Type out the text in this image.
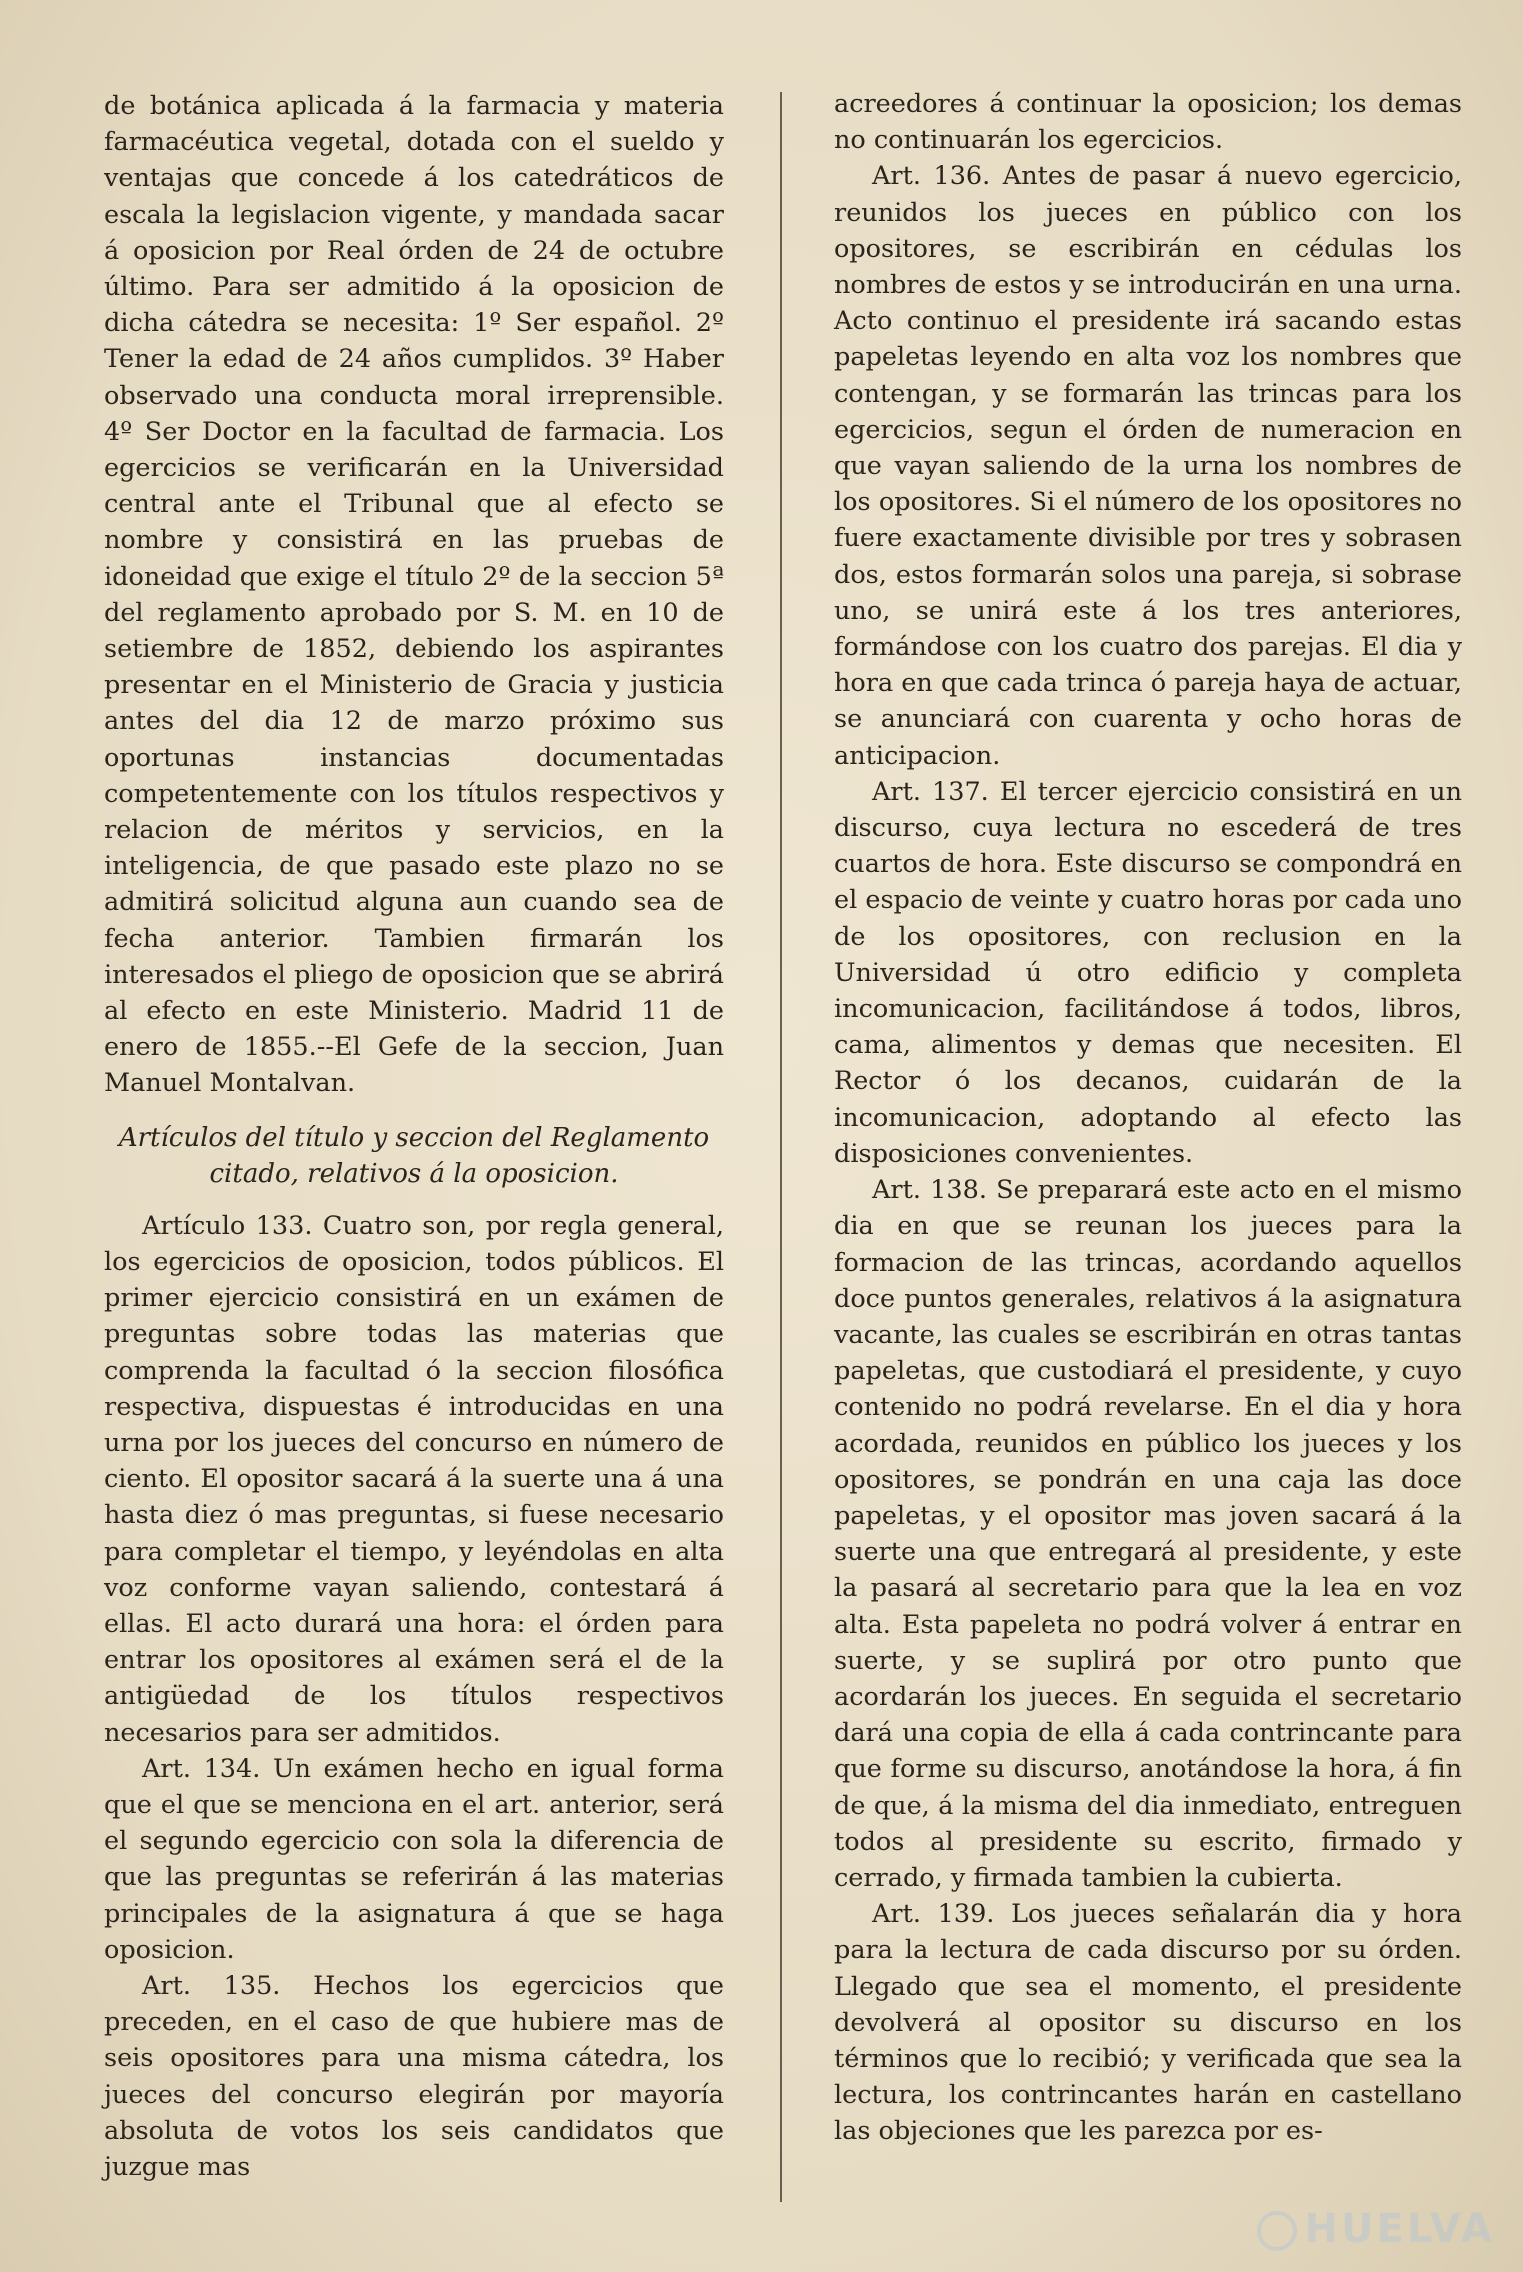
de botánica aplicada á la farmacia y materia farmacéutica vegetal, dotada con el sueldo y ventajas que concede á los catedráticos de escala la legislacion vigente, y mandada sacar á oposicion por Real órden de 24 de octubre último. Para ser admitido á la oposicion de dicha cátedra se necesita: 1º Ser español. 2º Tener la edad de 24 años cumplidos. 3º Haber observado una conducta moral irreprensible. 4º Ser Doctor en la facultad de farmacia. Los egercicios se verificarán en la Universidad central ante el Tribunal que al efecto se nombre y consistirá en las pruebas de idoneidad que exige el título 2º de la seccion 5ª del reglamento aprobado por S. M. en 10 de setiembre de 1852, debiendo los aspirantes presentar en el Ministerio de Gracia y justicia antes del dia 12 de marzo próximo sus oportunas instancias documentadas competentemente con los títulos respectivos y relacion de méritos y servicios, en la inteligencia, de que pasado este plazo no se admitirá solicitud alguna aun cuando sea de fecha anterior. Tambien firmarán los interesados el pliego de oposicion que se abrirá al efecto en este Ministerio. Madrid 11 de enero de 1855.--El Gefe de la seccion, Juan Manuel Montalvan.

Artículos del título y seccion del Reglamento
citado, relativos á la oposicion.

Artículo 133. Cuatro son, por regla general, los egercicios de oposicion, todos públicos. El primer ejercicio consistirá en un exámen de preguntas sobre todas las materias que comprenda la facultad ó la seccion filosófica respectiva, dispuestas é introducidas en una urna por los jueces del concurso en número de ciento. El opositor sacará á la suerte una á una hasta diez ó mas preguntas, si fuese necesario para completar el tiempo, y leyéndolas en alta voz conforme vayan saliendo, contestará á ellas. El acto durará una hora: el órden para entrar los opositores al exámen será el de la antigüedad de los títulos respectivos necesarios para ser admitidos.

Art. 134. Un exámen hecho en igual forma que el que se menciona en el art. anterior, será el segundo egercicio con sola la diferencia de que las preguntas se referirán á las materias principales de la asignatura á que se haga oposicion.

Art. 135. Hechos los egercicios que preceden, en el caso de que hubiere mas de seis opositores para una misma cátedra, los jueces del concurso elegirán por mayoría absoluta de votos los seis candidatos que juzgue mas

acreedores á continuar la oposicion; los demas no continuarán los egercicios.

Art. 136. Antes de pasar á nuevo egercicio, reunidos los jueces en público con los opositores, se escribirán en cédulas los nombres de estos y se introducirán en una urna. Acto continuo el presidente irá sacando estas papeletas leyendo en alta voz los nombres que contengan, y se formarán las trincas para los egercicios, segun el órden de numeracion en que vayan saliendo de la urna los nombres de los opositores. Si el número de los opositores no fuere exactamente divisible por tres y sobrasen dos, estos formarán solos una pareja, si sobrase uno, se unirá este á los tres anteriores, formándose con los cuatro dos parejas. El dia y hora en que cada trinca ó pareja haya de actuar, se anunciará con cuarenta y ocho horas de anticipacion.

Art. 137. El tercer ejercicio consistirá en un discurso, cuya lectura no escederá de tres cuartos de hora. Este discurso se compondrá en el espacio de veinte y cuatro horas por cada uno de los opositores, con reclusion en la Universidad ú otro edificio y completa incomunicacion, facilitándose á todos, libros, cama, alimentos y demas que necesiten. El Rector ó los decanos, cuidarán de la incomunicacion, adoptando al efecto las disposiciones convenientes.

Art. 138. Se preparará este acto en el mismo dia en que se reunan los jueces para la formacion de las trincas, acordando aquellos doce puntos generales, relativos á la asignatura vacante, las cuales se escribirán en otras tantas papeletas, que custodiará el presidente, y cuyo contenido no podrá revelarse. En el dia y hora acordada, reunidos en público los jueces y los opositores, se pondrán en una caja las doce papeletas, y el opositor mas joven sacará á la suerte una que entregará al presidente, y este la pasará al secretario para que la lea en voz alta. Esta papeleta no podrá volver á entrar en suerte, y se suplirá por otro punto que acordarán los jueces. En seguida el secretario dará una copia de ella á cada contrincante para que forme su discurso, anotándose la hora, á fin de que, á la misma del dia inmediato, entreguen todos al presidente su escrito, firmado y cerrado, y firmada tambien la cubierta.

Art. 139. Los jueces señalarán dia y hora para la lectura de cada discurso por su órden. Llegado que sea el momento, el presidente devolverá al opositor su discurso en los términos que lo recibió; y verificada que sea la lectura, los contrincantes harán en castellano las objeciones que les parezca por es-

HUELVA
